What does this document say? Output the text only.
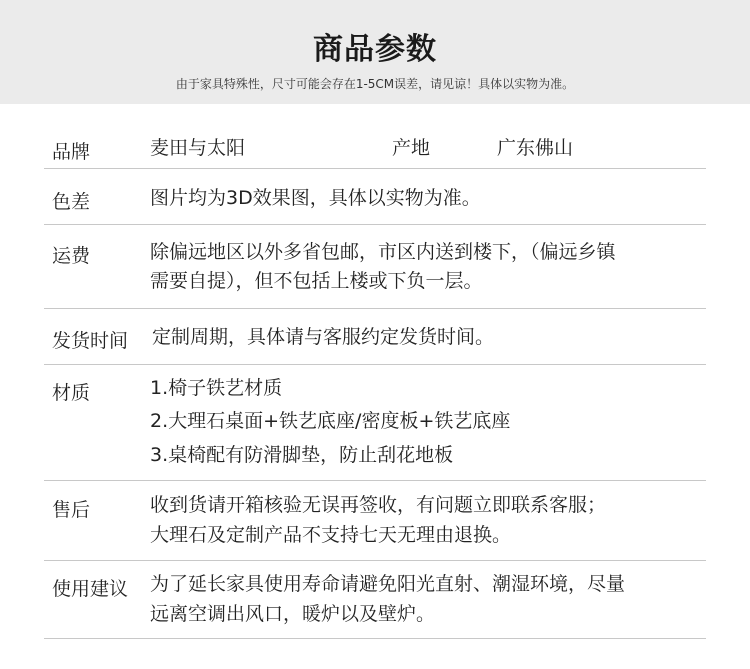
商品参数
由于家具特殊性，尺寸可能会存在1-5CM误差，请见谅！具体以实物为准。
品牌	麦田与太阳	产地	广东佛山
色差	图片均为3D效果图，具体以实物为准。
运费	除偏远地区以外多省包邮，市区内送到楼下，（偏远乡镇
需要自提），但不包括上楼或下负一层。
发货时间 定制周期，具体请与客服约定发货时间。
材质	1.椅子铁艺材质
2.大理石桌面+铁艺底座/密度板+铁艺底座
3.桌椅配有防滑脚垫，防止刮花地板
售后	收到货请开箱核验无误再签收，有问题立即联系客服；
大理石及定制产品不支持七天无理由退换。
使用建议 为了延长家具使用寿命请避免阳光直射、潮湿环境，尽量
远离空调出风口，暖炉以及壁炉。
